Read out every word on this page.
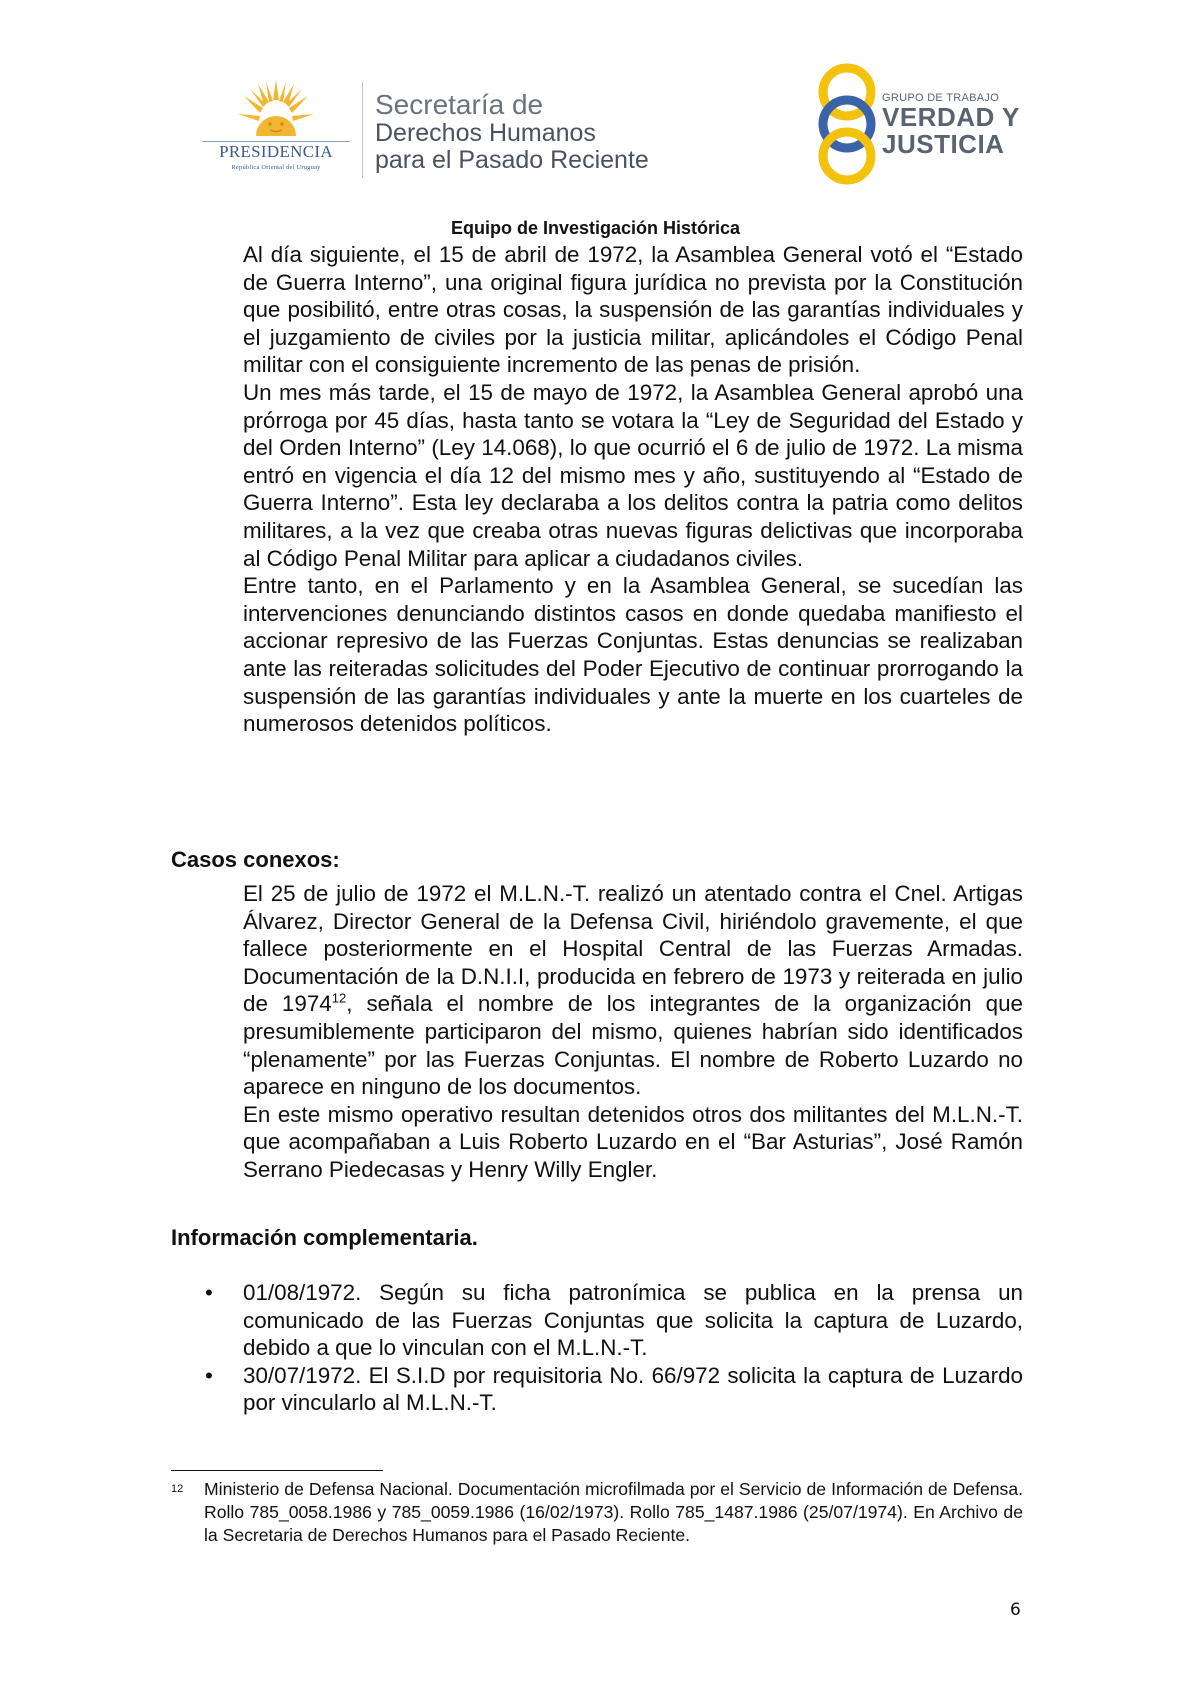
PRESIDENCIA
República Oriental del Uruguay
Secretaría de
Derechos Humanos
para el Pasado Reciente
GRUPO DE TRABAJO
VERDAD Y
JUSTICIA
Equipo de Investigación Histórica

Al día siguiente, el 15 de abril de 1972, la Asamblea General votó el “Estado de Guerra Interno”, una original figura jurídica no prevista por la Constitución que posibilitó, entre otras cosas, la suspensión de las garantías individuales y el juzgamiento de civiles por la justicia militar, aplicándoles el Código Penal militar con el consiguiente incremento de las penas de prisión.

Un mes más tarde, el 15 de mayo de 1972, la Asamblea General aprobó una prórroga por 45 días, hasta tanto se votara la “Ley de Seguridad del Estado y del Orden Interno” (Ley 14.068), lo que ocurrió el 6 de julio de 1972. La misma entró en vigencia el día 12 del mismo mes y año, sustituyendo al “Estado de Guerra Interno”. Esta ley declaraba a los delitos contra la patria como delitos militares, a la vez que creaba otras nuevas figuras delictivas que incorporaba al Código Penal Militar para aplicar a ciudadanos civiles.

Entre tanto, en el Parlamento y en la Asamblea General, se sucedían las intervenciones denunciando distintos casos en donde quedaba manifiesto el accionar represivo de las Fuerzas Conjuntas. Estas denuncias se realizaban ante las reiteradas solicitudes del Poder Ejecutivo de continuar prorrogando la suspensión de las garantías individuales y ante la muerte en los cuarteles de numerosos detenidos políticos.

Casos conexos:

El 25 de julio de 1972 el M.L.N.-T. realizó un atentado contra el Cnel. Artigas Álvarez, Director General de la Defensa Civil, hiriéndolo gravemente, el que fallece posteriormente en el Hospital Central de las Fuerzas Armadas. Documentación de la D.N.I.I, producida en febrero de 1973 y reiterada en julio de 1974$^{12}$, señala el nombre de los integrantes de la organización que presumiblemente participaron del mismo, quienes habrían sido identificados “plenamente” por las Fuerzas Conjuntas. El nombre de Roberto Luzardo no aparece en ninguno de los documentos.

En este mismo operativo resultan detenidos otros dos militantes del M.L.N.-T. que acompañaban a Luis Roberto Luzardo en el “Bar Asturias”, José Ramón Serrano Piedecasas y Henry Willy Engler.

Información complementaria.
• 01/08/1972. Según su ficha patronímica se publica en la prensa un comunicado de las Fuerzas Conjuntas que solicita la captura de Luzardo, debido a que lo vinculan con el M.L.N.-T.
• 30/07/1972. El S.I.D por requisitoria No. 66/972 solicita la captura de Luzardo por vincularlo al M.L.N.-T.
12	Ministerio de Defensa Nacional. Documentación microfilmada por el Servicio de Información de Defensa. Rollo 785_0058.1986 y 785_0059.1986 (16/02/1973). Rollo 785_1487.1986 (25/07/1974). En Archivo de la Secretaria de Derechos Humanos para el Pasado Reciente.
6
